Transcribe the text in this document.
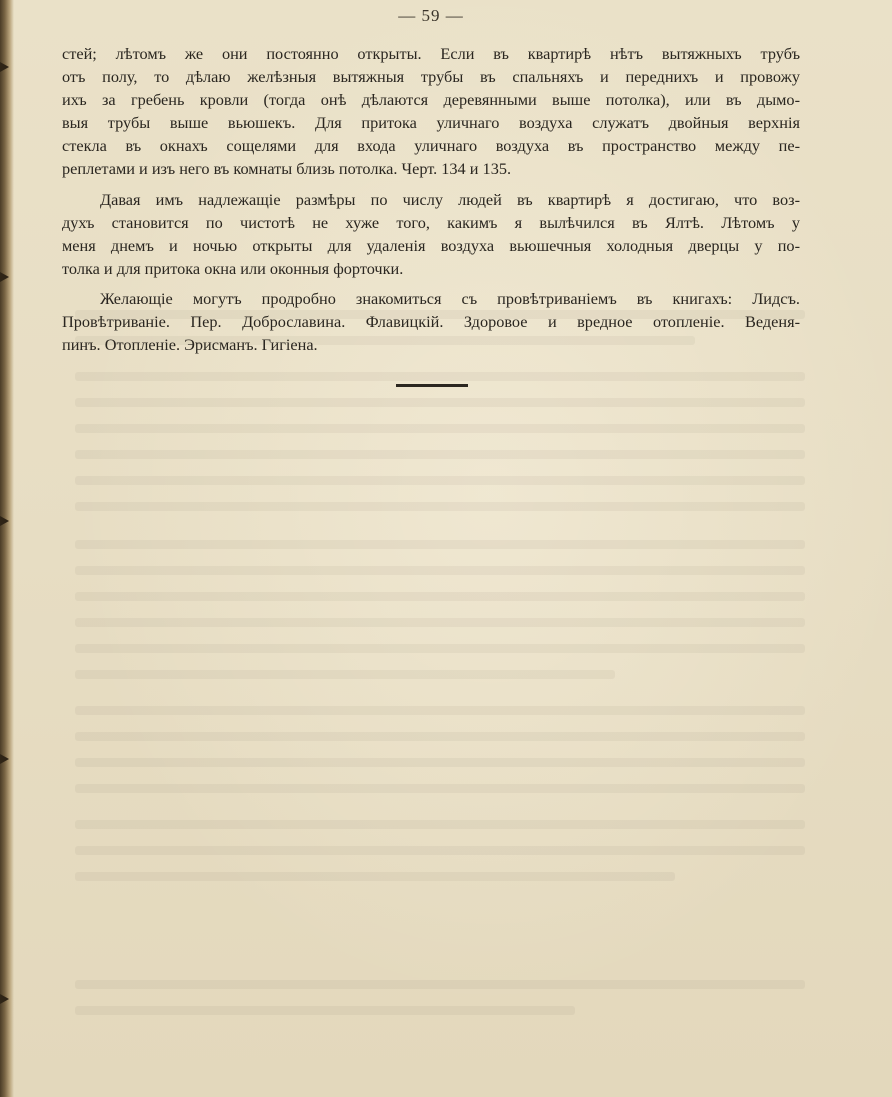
— 59 —
стей; лѣтомъ же они постоянно открыты. Если въ квартирѣ нѣтъ вытяжныхъ трубъ
отъ полу, то дѣлаю желѣзныя вытяжныя трубы въ спальняхъ и переднихъ и провожу
ихъ за гребень кровли (тогда онѣ дѣлаются деревянными выше потолка), или въ дымо-
выя трубы выше вьюшекъ. Для притока уличнаго воздуха служатъ двойныя верхнія
стекла въ окнахъ сощелями для входа уличнаго воздуха въ пространство между пе-
реплетами и изъ него въ комнаты близь потолка. Черт. 134 и 135.
Давая имъ надлежащіе размѣры по числу людей въ квартирѣ я достигаю, что воз-
духъ становится по чистотѣ не хуже того, какимъ я вылѣчился въ Ялтѣ. Лѣтомъ у
меня днемъ и ночью открыты для удаленія воздуха вьюшечныя холодныя дверцы у по-
толка и для притока окна или оконныя форточки.
Желающіе могутъ продробно знакомиться съ провѣтриваніемъ въ книгахъ: Лидсъ.
Провѣтриваніе. Пер. Доброславина. Флавицкій. Здоровое и вредное отопленіе. Веденя-
пинъ. Отопленіе. Эрисманъ. Гигіена.
